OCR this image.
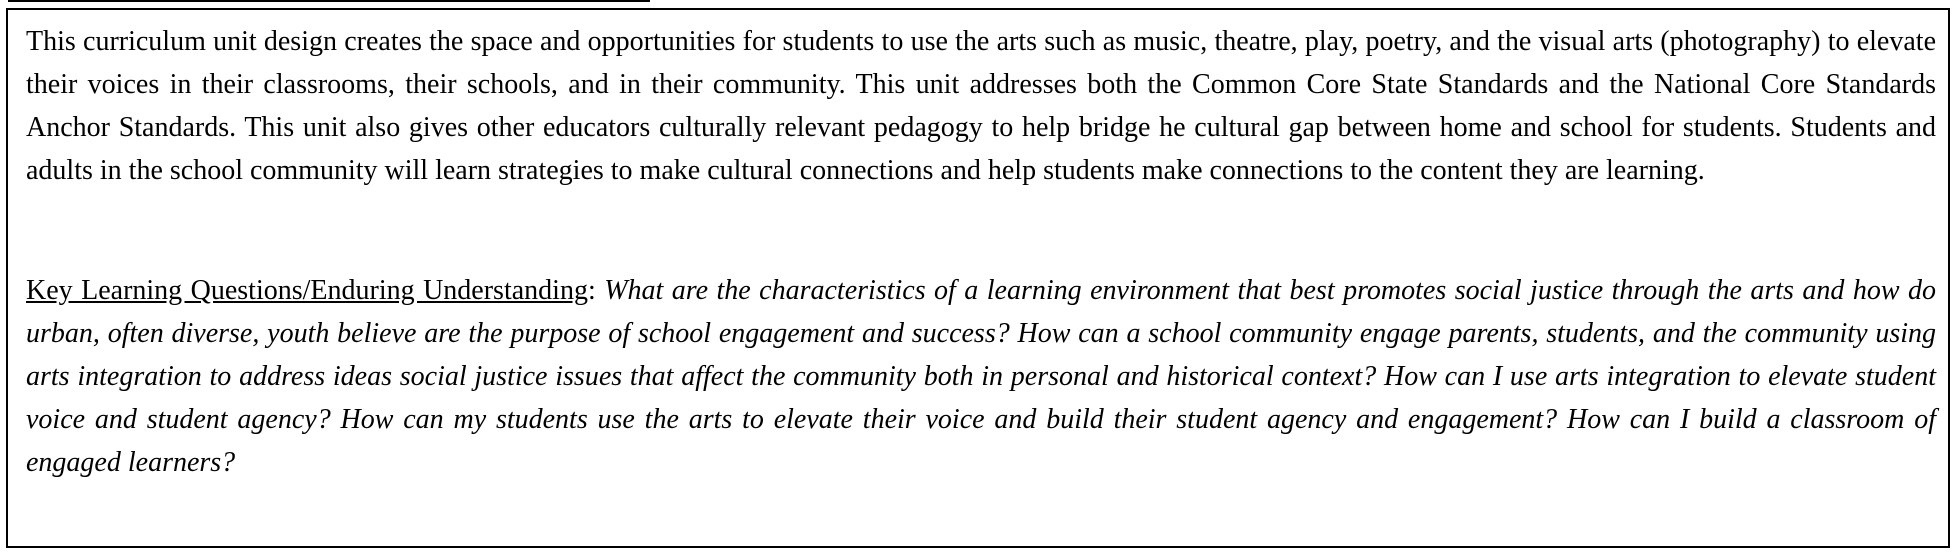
This curriculum unit design creates the space and opportunities for students to use the arts such as music, theatre, play, poetry, and the visual arts (photography) to elevate their voices in their classrooms, their schools, and in their community. This unit addresses both the Common Core State Standards and the National Core Standards Anchor Standards. This unit also gives other educators culturally relevant pedagogy to help bridge he cultural gap between home and school for students. Students and adults in the school community will learn strategies to make cultural connections and help students make connections to the content they are learning.

Key Learning Questions/Enduring Understanding: What are the characteristics of a learning environment that best promotes social justice through the arts and how do urban, often diverse, youth believe are the purpose of school engagement and success? How can a school community engage parents, students, and the community using arts integration to address ideas social justice issues that affect the community both in personal and historical context? How can I use arts integration to elevate student voice and student agency? How can my students use the arts to elevate their voice and build their student agency and engagement? How can I build a classroom of engaged learners?
